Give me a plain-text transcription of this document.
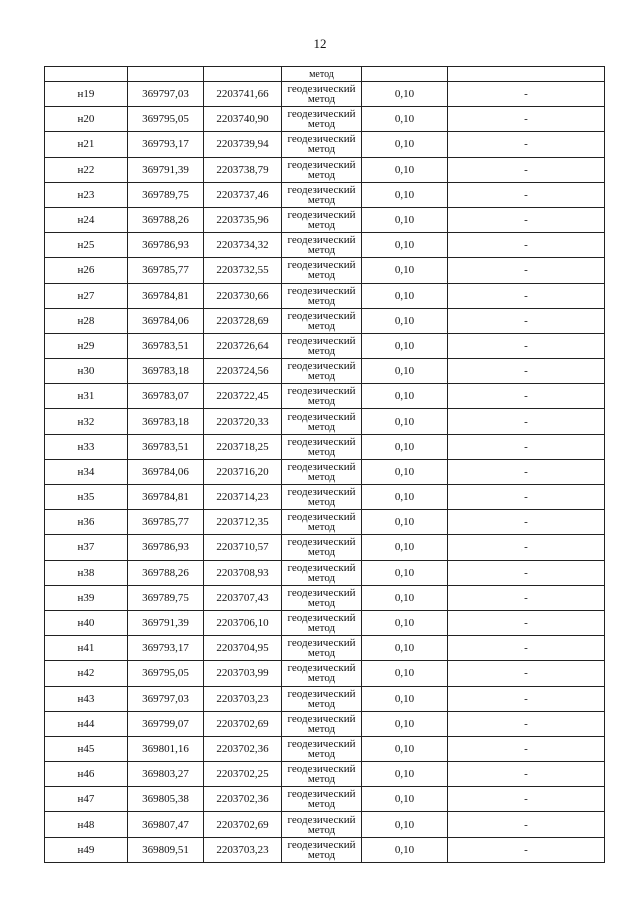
12
			метод		
н19	369797,03	2203741,66	геодезический
метод	0,10	-
н20	369795,05	2203740,90	геодезический
метод	0,10	-
н21	369793,17	2203739,94	геодезический
метод	0,10	-
н22	369791,39	2203738,79	геодезический
метод	0,10	-
н23	369789,75	2203737,46	геодезический
метод	0,10	-
н24	369788,26	2203735,96	геодезический
метод	0,10	-
н25	369786,93	2203734,32	геодезический
метод	0,10	-
н26	369785,77	2203732,55	геодезический
метод	0,10	-
н27	369784,81	2203730,66	геодезический
метод	0,10	-
н28	369784,06	2203728,69	геодезический
метод	0,10	-
н29	369783,51	2203726,64	геодезический
метод	0,10	-
н30	369783,18	2203724,56	геодезический
метод	0,10	-
н31	369783,07	2203722,45	геодезический
метод	0,10	-
н32	369783,18	2203720,33	геодезический
метод	0,10	-
н33	369783,51	2203718,25	геодезический
метод	0,10	-
н34	369784,06	2203716,20	геодезический
метод	0,10	-
н35	369784,81	2203714,23	геодезический
метод	0,10	-
н36	369785,77	2203712,35	геодезический
метод	0,10	-
н37	369786,93	2203710,57	геодезический
метод	0,10	-
н38	369788,26	2203708,93	геодезический
метод	0,10	-
н39	369789,75	2203707,43	геодезический
метод	0,10	-
н40	369791,39	2203706,10	геодезический
метод	0,10	-
н41	369793,17	2203704,95	геодезический
метод	0,10	-
н42	369795,05	2203703,99	геодезический
метод	0,10	-
н43	369797,03	2203703,23	геодезический
метод	0,10	-
н44	369799,07	2203702,69	геодезический
метод	0,10	-
н45	369801,16	2203702,36	геодезический
метод	0,10	-
н46	369803,27	2203702,25	геодезический
метод	0,10	-
н47	369805,38	2203702,36	геодезический
метод	0,10	-
н48	369807,47	2203702,69	геодезический
метод	0,10	-
н49	369809,51	2203703,23	геодезический
метод	0,10	-
